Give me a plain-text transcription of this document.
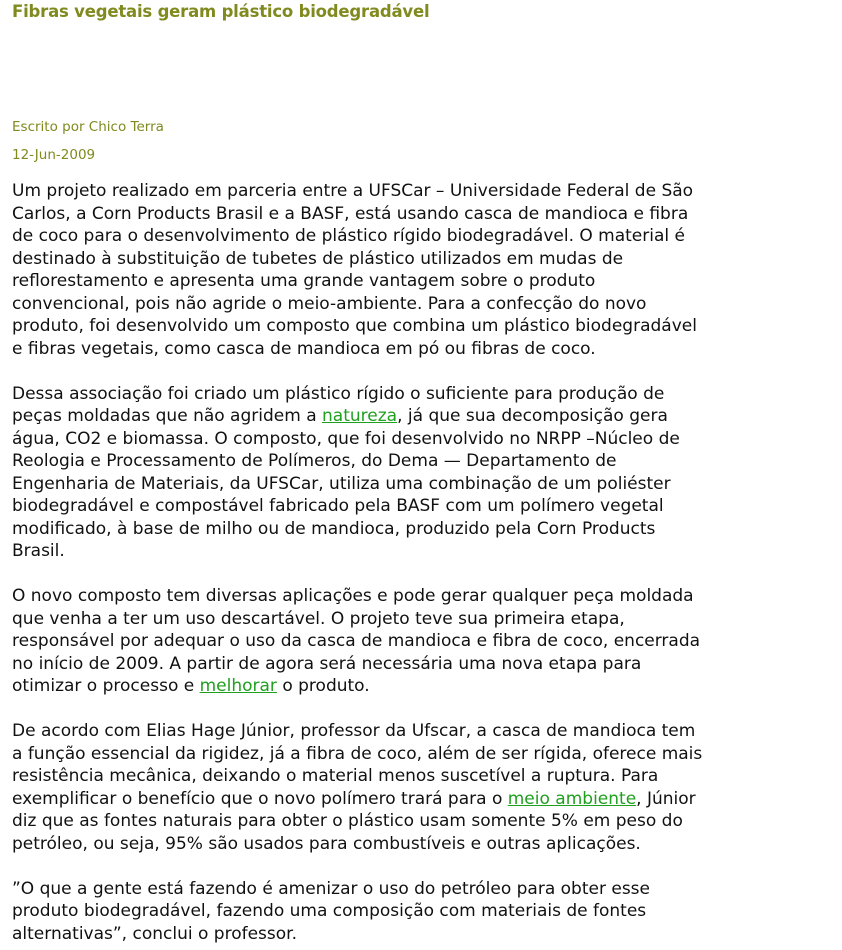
Fibras vegetais geram plástico biodegradável
Escrito por Chico Terra
12-Jun-2009

Um projeto realizado em parceria entre a UFSCar – Universidade Federal de São
Carlos, a Corn Products Brasil e a BASF, está usando casca de mandioca e fibra
de coco para o desenvolvimento de plástico rígido biodegradável. O material é
destinado à substituição de tubetes de plástico utilizados em mudas de
reflorestamento e apresenta uma grande vantagem sobre o produto
convencional, pois não agride o meio-ambiente. Para a confecção do novo
produto, foi desenvolvido um composto que combina um plástico biodegradável
e fibras vegetais, como casca de mandioca em pó ou fibras de coco.

Dessa associação foi criado um plástico rígido o suficiente para produção de
peças moldadas que não agridem a natureza, já que sua decomposição gera
água, CO2 e biomassa. O composto, que foi desenvolvido no NRPP –Núcleo de
Reologia e Processamento de Polímeros, do Dema — Departamento de
Engenharia de Materiais, da UFSCar, utiliza uma combinação de um poliéster
biodegradável e compostável fabricado pela BASF com um polímero vegetal
modificado, à base de milho ou de mandioca, produzido pela Corn Products
Brasil.

O novo composto tem diversas aplicações e pode gerar qualquer peça moldada
que venha a ter um uso descartável. O projeto teve sua primeira etapa,
responsável por adequar o uso da casca de mandioca e fibra de coco, encerrada
no início de 2009. A partir de agora será necessária uma nova etapa para
otimizar o processo e melhorar o produto.

De acordo com Elias Hage Júnior, professor da Ufscar, a casca de mandioca tem
a função essencial da rigidez, já a fibra de coco, além de ser rígida, oferece mais
resistência mecânica, deixando o material menos suscetível a ruptura. Para
exemplificar o benefício que o novo polímero trará para o meio ambiente, Júnior
diz que as fontes naturais para obter o plástico usam somente 5% em peso do
petróleo, ou seja, 95% são usados para combustíveis e outras aplicações.

”O que a gente está fazendo é amenizar o uso do petróleo para obter esse
produto biodegradável, fazendo uma composição com materiais de fontes
alternativas”, conclui o professor.
